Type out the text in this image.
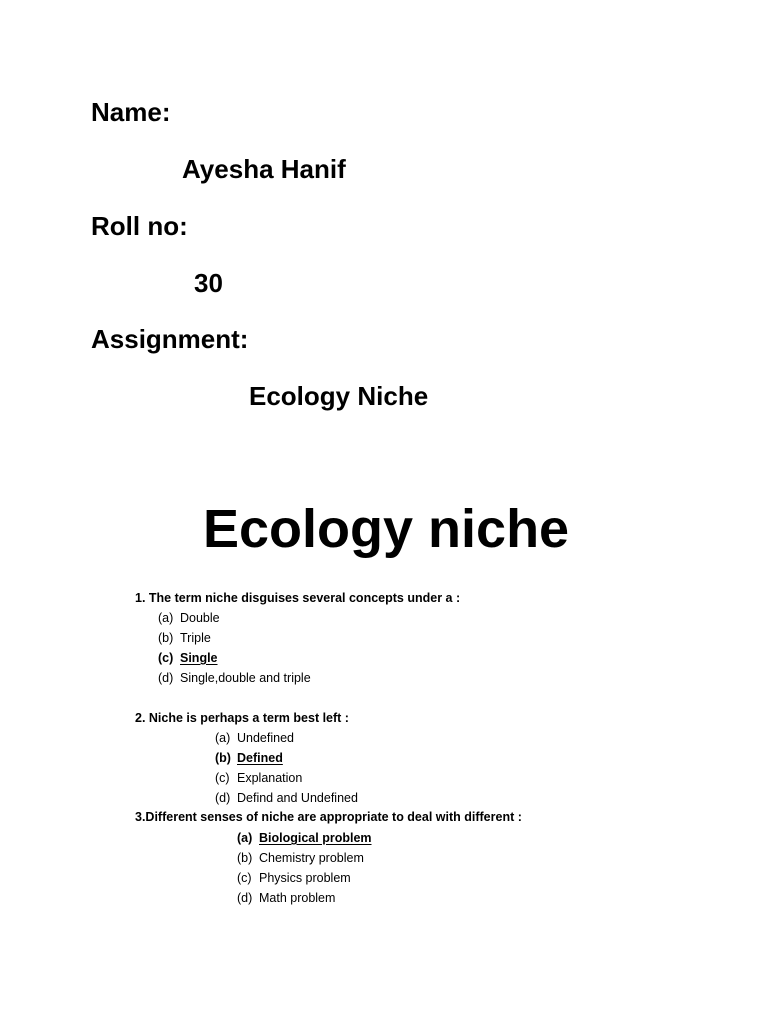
Name:
Ayesha Hanif
Roll no:
30
Assignment:
Ecology Niche
Ecology niche
1. The term niche disguises several concepts under a :
(a) Double
(b) Triple
(c) Single
(d) Single,double and triple
2. Niche is perhaps a term best left :
(a) Undefined
(b) Defined
(c) Explanation
(d) Defind and Undefined
3.Different senses of niche are appropriate to deal with different :
(a) Biological problem
(b) Chemistry problem
(c) Physics problem
(d) Math problem
